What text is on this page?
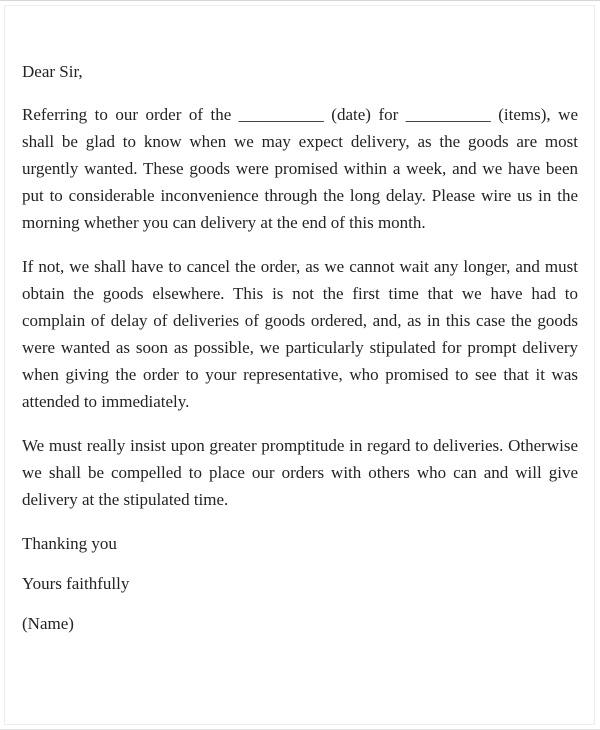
Dear Sir,

Referring to our order of the __________ (date) for __________ (items), we shall be glad to know when we may expect delivery, as the goods are most urgently wanted. These goods were promised within a week, and we have been put to considerable inconvenience through the long delay. Please wire us in the morning whether you can delivery at the end of this month.

If not, we shall have to cancel the order, as we cannot wait any longer, and must obtain the goods elsewhere. This is not the first time that we have had to complain of delay of deliveries of goods ordered, and, as in this case the goods were wanted as soon as possible, we particularly stipulated for prompt delivery when giving the order to your representative, who promised to see that it was attended to immediately.

We must really insist upon greater promptitude in regard to deliveries. Otherwise we shall be compelled to place our orders with others who can and will give delivery at the stipulated time.

Thanking you

Yours faithfully

(Name)
